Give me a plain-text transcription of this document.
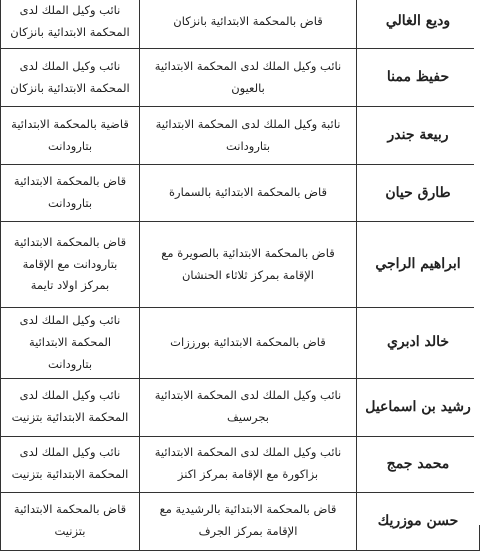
وديع الغالي	قاض بالمحكمة الابتدائية بانزكان	نائب وكيل الملك لدى المحكمة الابتدائية بانزكان
حفيظ ممنا	نائب وكيل الملك لدى المحكمة الابتدائية بالعيون	نائب وكيل الملك لدى المحكمة الابتدائية بانزكان
ربيعة جندر	نائبة وكيل الملك لدى المحكمة الابتدائية بتارودانت	قاضية بالمحكمة الابتدائية بتارودانت
طارق حيان	قاض بالمحكمة الابتدائية بالسمارة	قاض بالمحكمة الابتدائية بتارودانت
ابراهيم الراجي	قاض بالمحكمة الابتدائية بالصويرة مع الإقامة بمركز ثلاثاء الحنشان	قاض بالمحكمة الابتدائية بتارودانت مع الإقامة بمركز اولاد تايمة
خالد ادبري	قاض بالمحكمة الابتدائية بورززات	نائب وكيل الملك لدى المحكمة الابتدائية بتارودانت
رشيد بن اسماعيل	نائب وكيل الملك لدى المحكمة الابتدائية بجرسيف	نائب وكيل الملك لدى المحكمة الابتدائية بتزنيت
محمد جمج	نائب وكيل الملك لدى المحكمة الابتدائية بزاكورة مع الإقامة بمركز اكنز	نائب وكيل الملك لدى المحكمة الابتدائية بتزنيت
حسن موزريك	قاض بالمحكمة الابتدائية بالرشيدية مع الإقامة بمركز الجرف	قاض بالمحكمة الابتدائية بتزنيت
